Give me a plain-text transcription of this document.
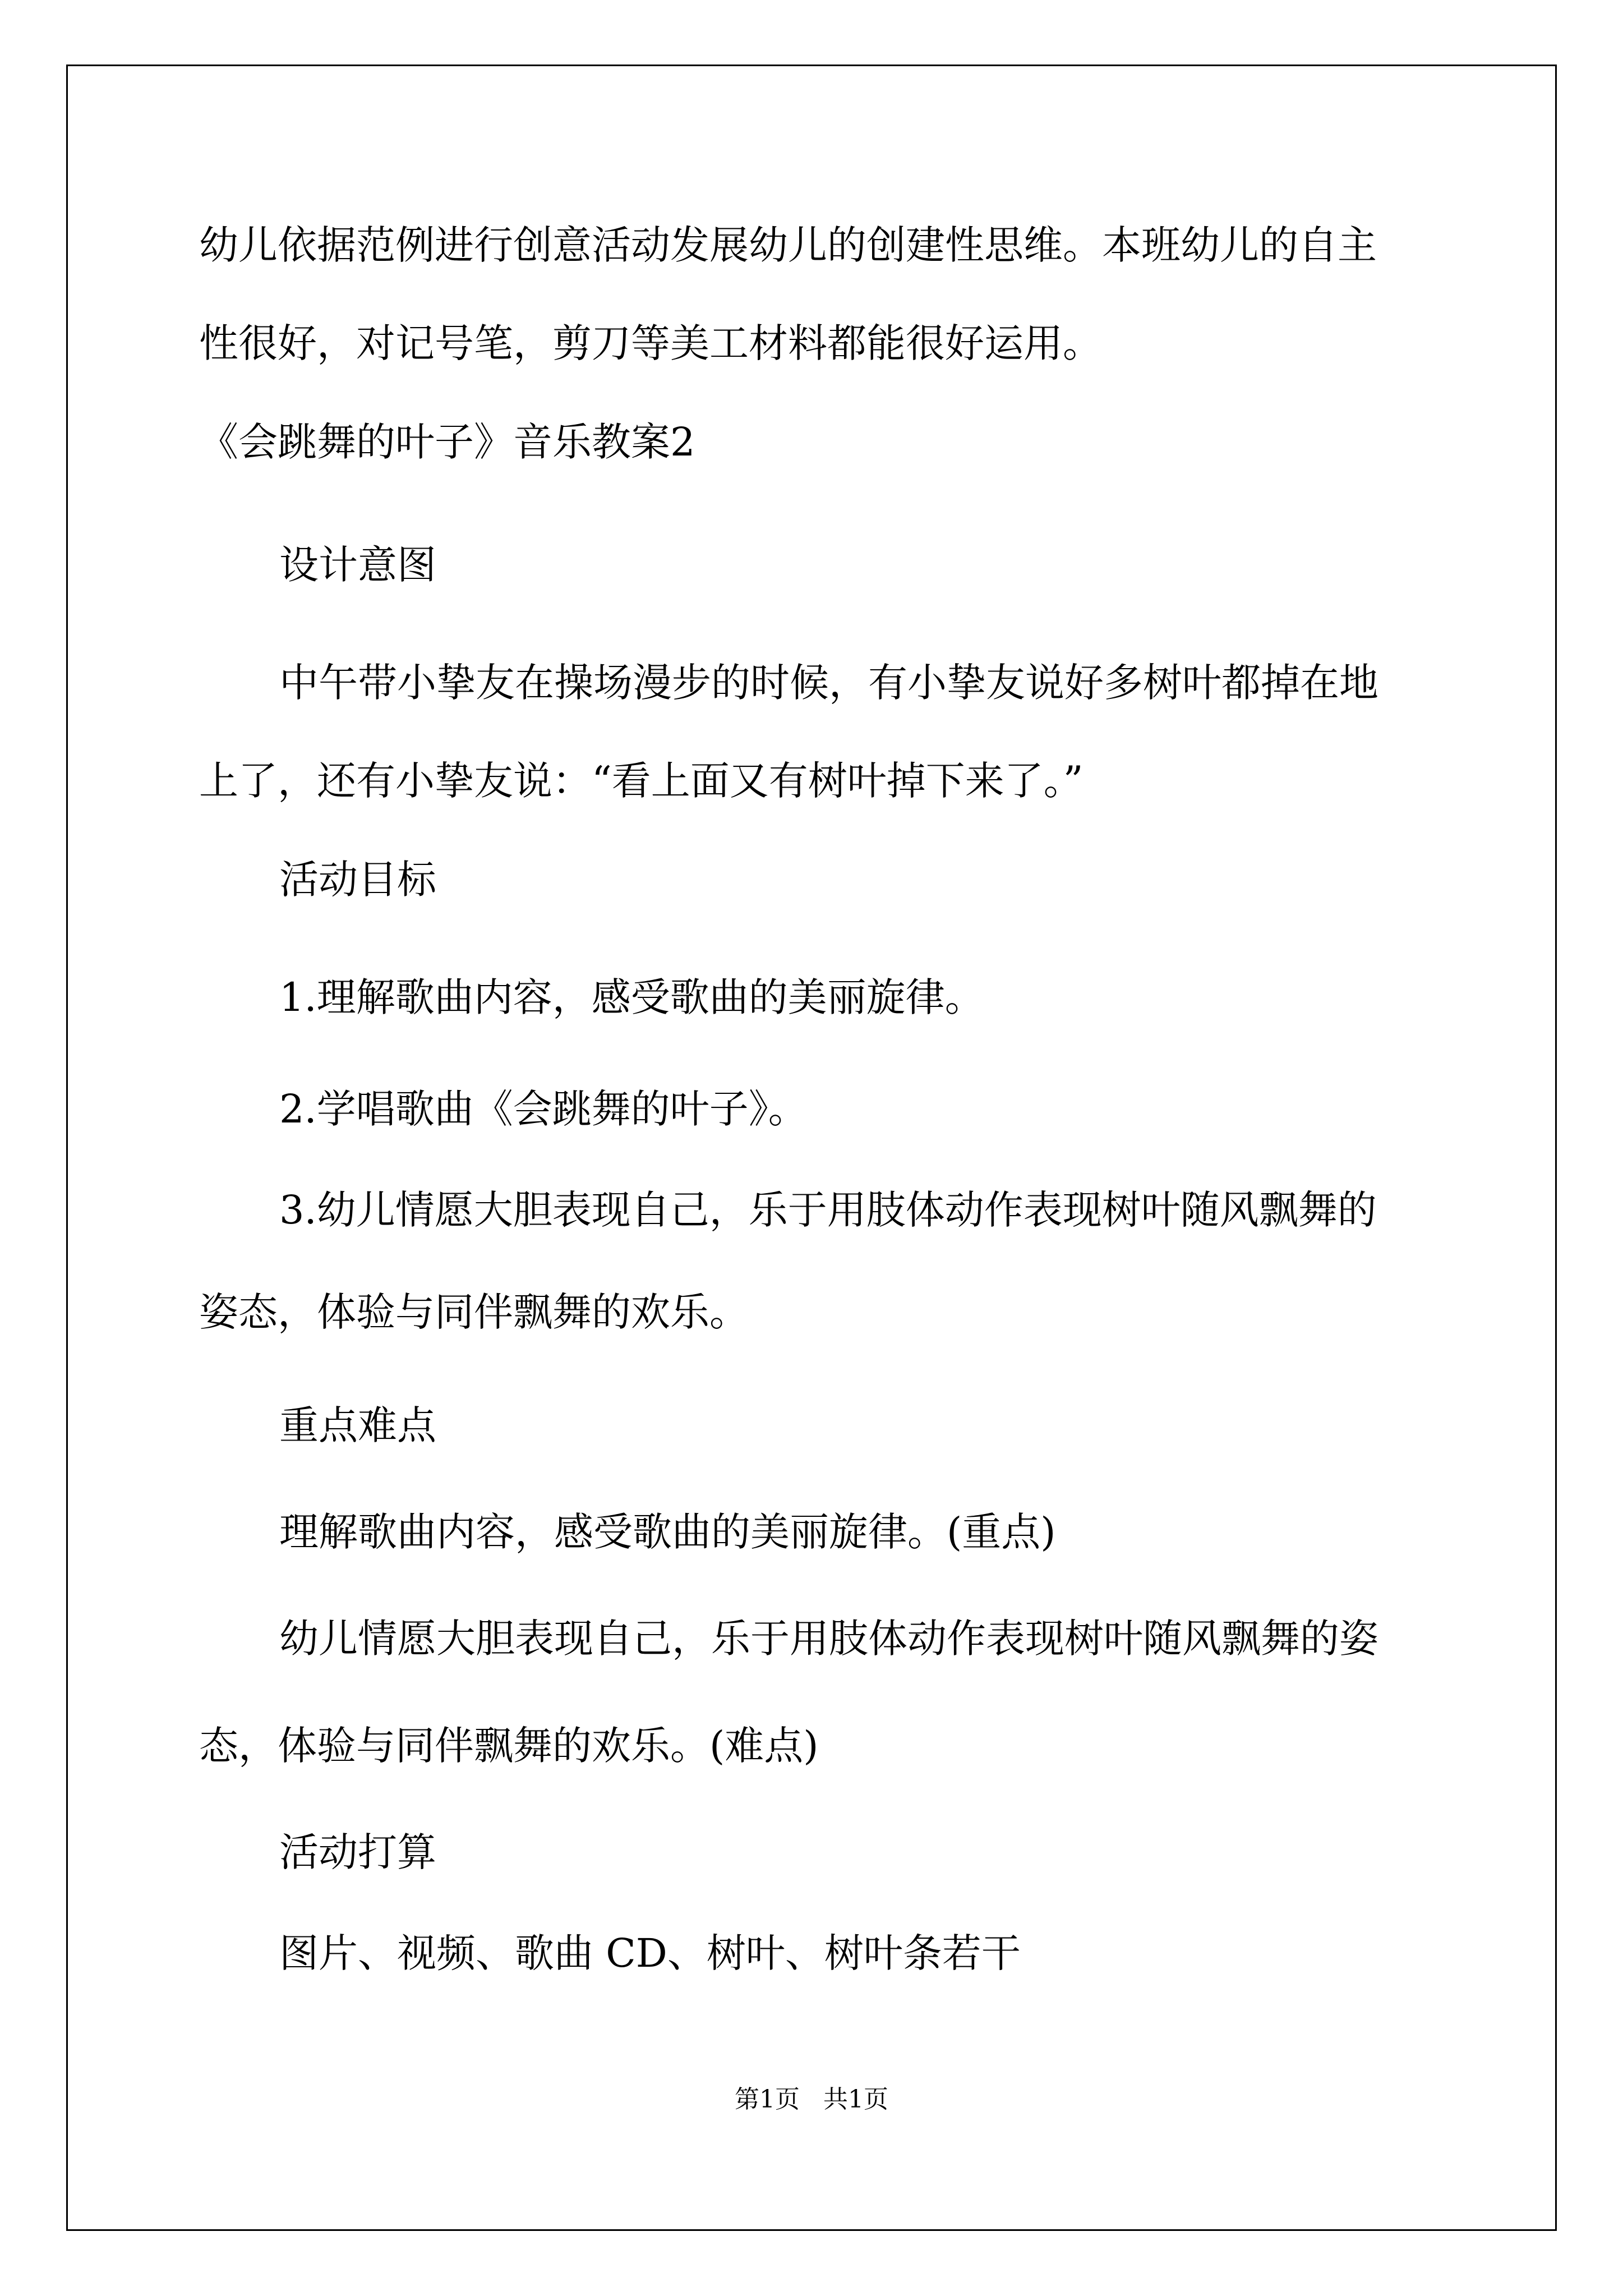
幼儿依据范例进行创意活动发展幼儿的创建性思维。本班幼儿的自主

性很好，对记号笔，剪刀等美工材料都能很好运用。

《会跳舞的叶子》音乐教案2

设计意图

中午带小挚友在操场漫步的时候，有小挚友说好多树叶都掉在地

上了，还有小挚友说：“看上面又有树叶掉下来了。”

活动目标

1.理解歌曲内容，感受歌曲的美丽旋律。

2.学唱歌曲《会跳舞的叶子》。

3.幼儿情愿大胆表现自己，乐于用肢体动作表现树叶随风飘舞的

姿态，体验与同伴飘舞的欢乐。

重点难点

理解歌曲内容，感受歌曲的美丽旋律。(重点)

幼儿情愿大胆表现自己，乐于用肢体动作表现树叶随风飘舞的姿

态，体验与同伴飘舞的欢乐。(难点)

活动打算

图片、视频、歌曲 CD、树叶、树叶条若干

第1页   共1页
